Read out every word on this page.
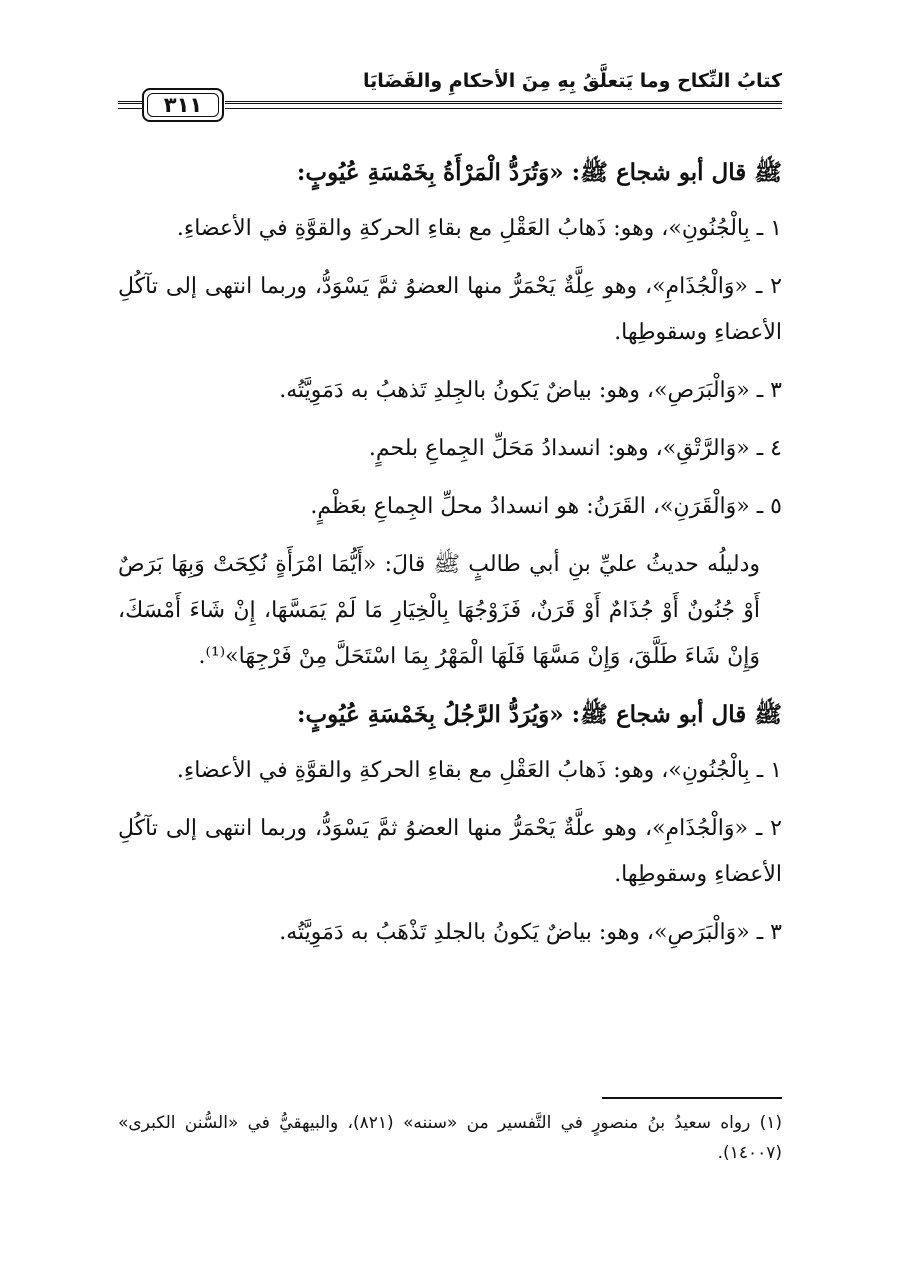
كتابُ النِّكاح وما يَتعلَّقُ بِهِ مِنَ الأحكامِ والقَضَايَا
٣١١

ﷺ قال أبو شجاع ﷺ: «وَتُرَدُّ الْمَرْأَةُ بِخَمْسَةِ عُيُوبٍ:

١ ـ بِالْجُنُونِ»، وهو: ذَهابُ العَقْلِ مع بقاءِ الحركةِ والقوَّةِ في الأعضاءِ.

٢ ـ «وَالْجُذَامِ»، وهو عِلَّةٌ يَحْمَرُّ منها العضوُ ثمَّ يَسْوَدُّ، وربما انتهى إلى تآكُلِ الأعضاءِ وسقوطِها.

٣ ـ «وَالْبَرَصِ»، وهو: بياضٌ يَكونُ بالجِلدِ تَذهبُ به دَمَوِيَّتُه.

٤ ـ «وَالرَّتْقِ»، وهو: انسدادُ مَحَلِّ الجِماعِ بلحمٍ.

٥ ـ «وَالْقَرَنِ»، القَرَنُ: هو انسدادُ محلِّ الجِماعِ بعَظْمٍ.

ودليلُه حديثُ عليِّ بنِ أبي طالبٍ ﷺ قالَ: «أَيُّمَا امْرَأَةٍ نُكِحَتْ وَبِهَا بَرَصٌ أَوْ جُنُونٌ أَوْ جُذَامٌ أَوْ قَرَنٌ، فَزَوْجُهَا بِالْخِيَارِ مَا لَمْ يَمَسَّهَا، إِنْ شَاءَ أَمْسَكَ، وَإِنْ شَاءَ طَلَّقَ، وَإِنْ مَسَّهَا فَلَهَا الْمَهْرُ بِمَا اسْتَحَلَّ مِنْ فَرْجِهَا»⁽¹⁾.

ﷺ قال أبو شجاع ﷺ: «وَيُرَدُّ الرَّجُلُ بِخَمْسَةِ عُيُوبٍ:

١ ـ بِالْجُنُونِ»، وهو: ذَهابُ العَقْلِ مع بقاءِ الحركةِ والقوَّةِ في الأعضاءِ.

٢ ـ «وَالْجُذَامِ»، وهو علَّةٌ يَحْمَرُّ منها العضوُ ثمَّ يَسْوَدُّ، وربما انتهى إلى تآكُلِ الأعضاءِ وسقوطِها.

٣ ـ «وَالْبَرَصِ»، وهو: بياضٌ يَكونُ بالجلدِ تَذْهَبُ به دَمَوِيَّتُه.

(١) رواه سعيدُ بنُ منصورٍ في التَّفسير من «سننه» (٨٢١)، والبيهقيُّ في «السُّنن الكبرى» (١٤٠٠٧).
